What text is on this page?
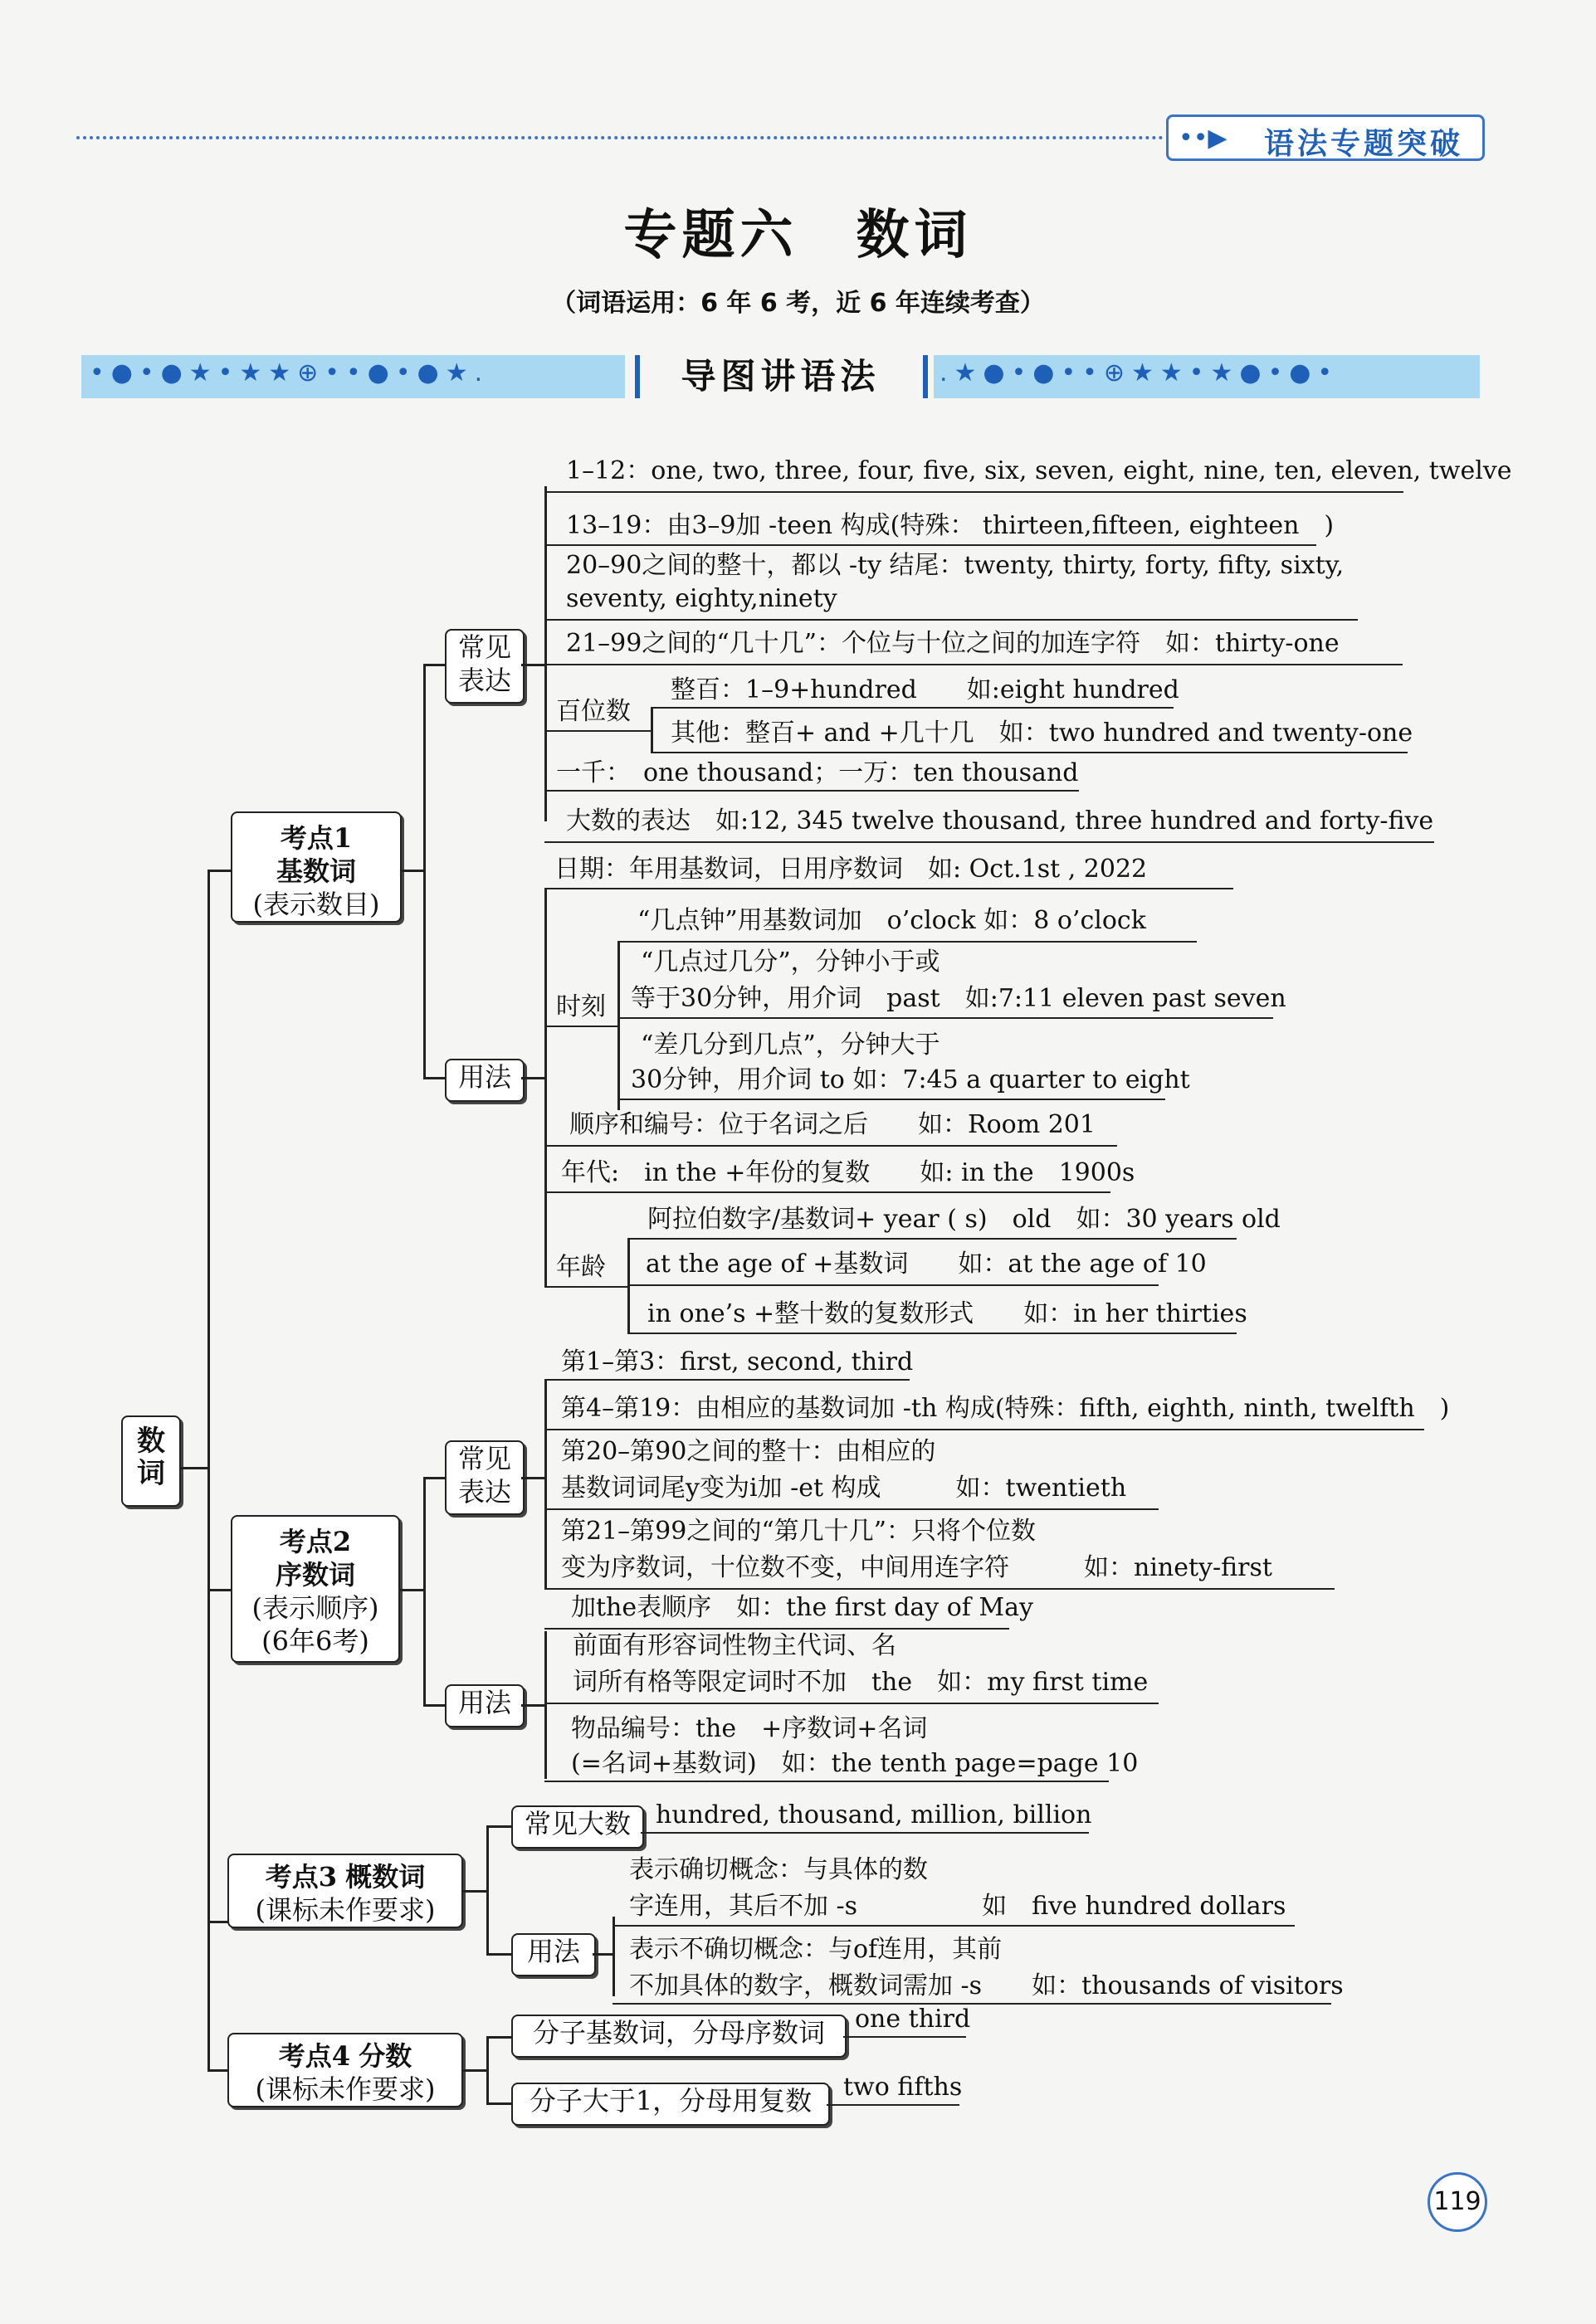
••▶ 语法专题突破
专题六　数词
（词语运用：6 年 6 考，近 6 年连续考查）
•●•●★•★★⊕••●•●★.	.★●•●••⊕★★•★●•●•
导图讲语法
数词
考点1
基数词
(表示数目)
常见表达
1–12：one, two, three, four, five, six, seven, eight, nine, ten, eleven, twelve
13–19：由3–9加 -teen 构成(特殊： thirteen,fifteen, eighteen　)
20–90之间的整十，都以 -ty 结尾：twenty, thirty, forty, fifty, sixty,
seventy, eighty,ninety
21–99之间的“几十几”：个位与十位之间的加连字符　如：thirty-one
百位数
整百：1–9+hundred　　如:eight hundred
其他：整百+ and +几十几　如：two hundred and twenty-one
一千：　one thousand；一万：ten thousand
大数的表达　如:12, 345 twelve thousand, three hundred and forty-five
用法
日期：年用基数词，日用序数词　如: Oct.1st , 2022
时刻
“几点钟”用基数词加　o’clock 如：8 o’clock
“几点过几分”，分钟小于或
等于30分钟，用介词　past　如:7:11 eleven past seven
“差几分到几点”，分钟大于
30分钟，用介词 to 如：7:45 a quarter to eight
顺序和编号：位于名词之后　　如：Room 201
年代:　in the +年份的复数　　如: in the　1900s
年龄
阿拉伯数字/基数词+ year ( s)　old　如：30 years old
at the age of +基数词　　如：at the age of 10
in one’s +整十数的复数形式　　如：in her thirties
考点2
序数词
(表示顺序)
(6年6考)
常见表达
第1–第3：first, second, third
第4–第19：由相应的基数词加 -th 构成(特殊：fifth, eighth, ninth, twelfth　)
第20–第90之间的整十：由相应的
基数词词尾y变为i加 -et 构成　　　如：twentieth
第21–第99之间的“第几十几”：只将个位数
变为序数词，十位数不变，中间用连字符　　　如：ninety-first
用法
加the表顺序　如：the first day of May
前面有形容词性物主代词、名
词所有格等限定词时不加　the　如：my first time
物品编号：the　+序数词+名词
(=名词+基数词)　如：the tenth page=page 10
考点3 概数词
(课标未作要求)
常见大数	hundred, thousand, million, billion
用法
表示确切概念：与具体的数
字连用，其后不加 -s　　　　　如　five hundred dollars
表示不确切概念：与of连用，其前
不加具体的数字，概数词需加 -s　　如：thousands of visitors
考点4 分数
(课标未作要求)
分子基数词，分母序数词	one third
分子大于1，分母用复数	two fifths
119
